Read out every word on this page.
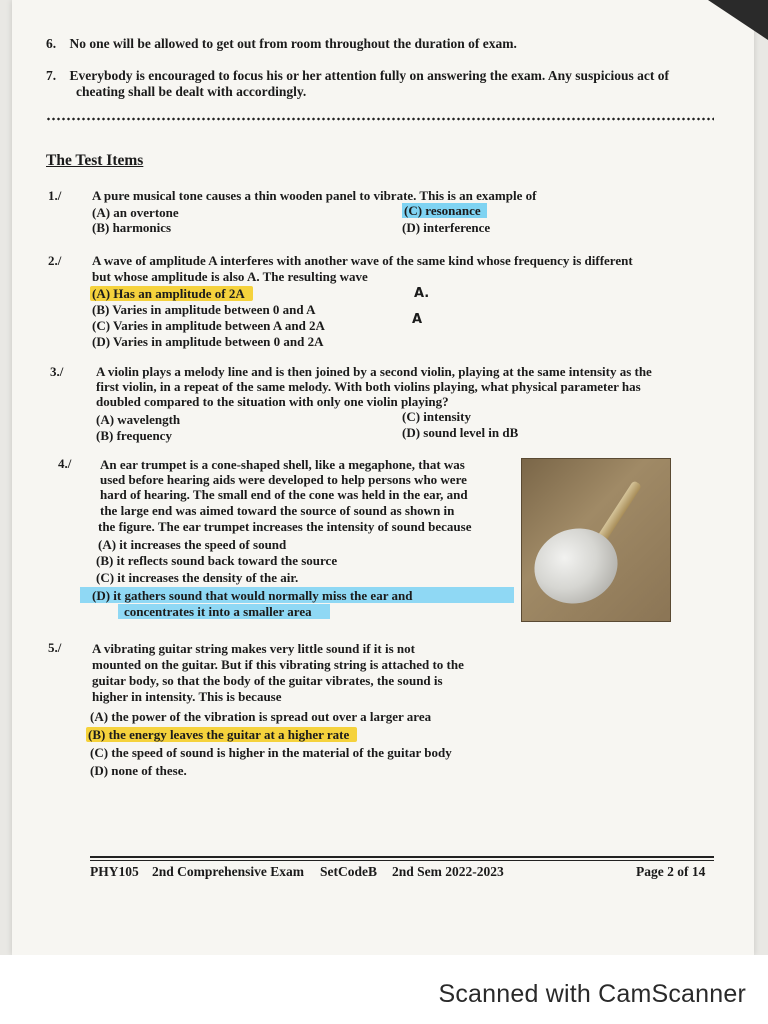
6. No one will be allowed to get out from room throughout the duration of exam.
7. Everybody is encouraged to focus his or her attention fully on answering the exam. Any suspicious act of
cheating shall be dealt with accordingly.
The Test Items
1./ A pure musical tone causes a thin wooden panel to vibrate. This is an example of
(A) an overtone
(B) harmonics
(C) resonance
(D) interference
2./ A wave of amplitude A interferes with another wave of the same kind whose frequency is different
but whose amplitude is also A. The resulting wave
(A) Has an amplitude of 2A
(B) Varies in amplitude between 0 and A
(C) Varies in amplitude between A and 2A
(D) Varies in amplitude between 0 and 2A
A.
A
3./	A violin plays a melody line and is then joined by a second violin, playing at the same intensity as the
first violin, in a repeat of the same melody. With both violins playing, what physical parameter has
doubled compared to the situation with only one violin playing?
(A) wavelength
(B) frequency
(C) intensity
(D) sound level in dB
4./ An ear trumpet is a cone-shaped shell, like a megaphone, that was
used before hearing aids were developed to help persons who were
hard of hearing. The small end of the cone was held in the ear, and
the large end was aimed toward the source of sound as shown in
the figure. The ear trumpet increases the intensity of sound because
(A) it increases the speed of sound
(B) it reflects sound back toward the source
(C) it increases the density of the air.
(D) it gathers sound that would normally miss the ear and
concentrates it into a smaller area
5./ A vibrating guitar string makes very little sound if it is not
mounted on the guitar. But if this vibrating string is attached to the
guitar body, so that the body of the guitar vibrates, the sound is
higher in intensity. This is because
(A) the power of the vibration is spread out over a larger area
(B) the energy leaves the guitar at a higher rate
(C) the speed of sound is higher in the material of the guitar body
(D) none of these.
PHY105 2nd Comprehensive Exam SetCodeB 2nd Sem 2022-2023	Page 2 of 14
Scanned with CamScanner
